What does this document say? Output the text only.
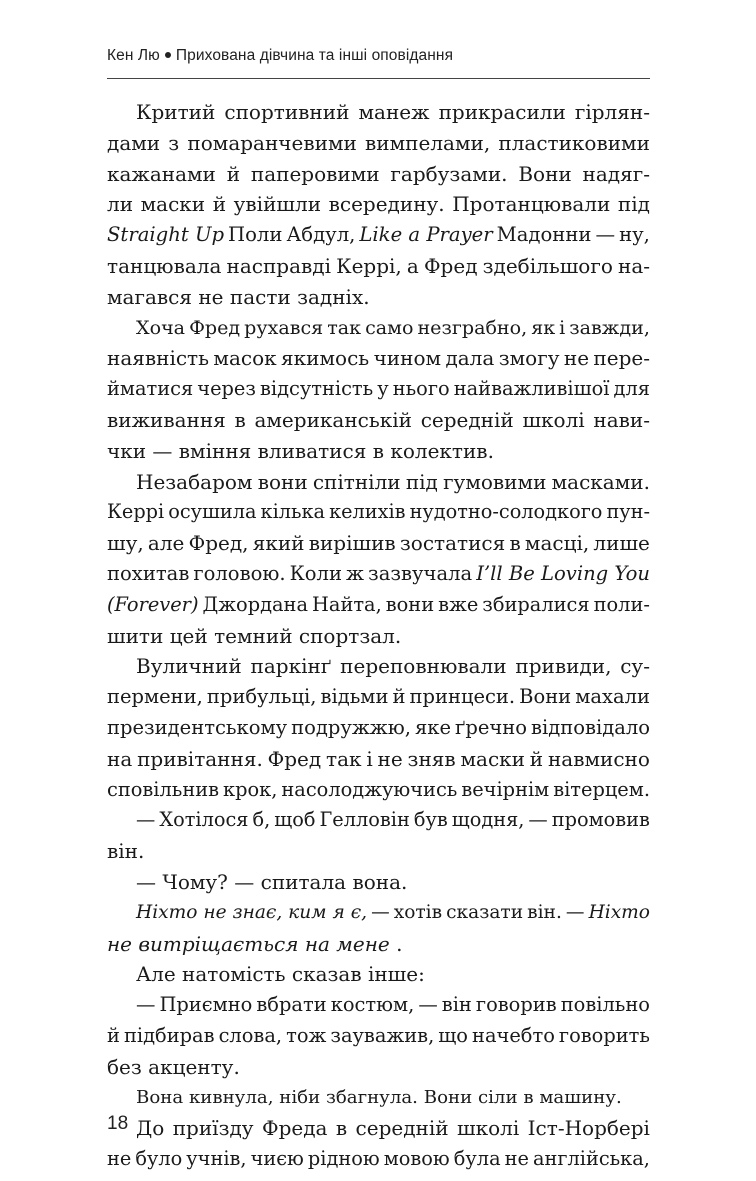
Кен Лю Прихована дівчина та інші оповідання
Критий спортивний манеж прикрасили гірлян-
дами з помаранчевими вимпелами, пластиковими
кажанами й паперовими гарбузами. Вони надяг-
ли маски й увійшли всередину. Протанцювали під
Straight Up Поли Абдул, Like a Prayer Мадонни — ну,
танцювала насправді Керрі, а Фред здебільшого на-
магався не пасти задніх.
Хоча Фред рухався так само незграбно, як і завжди,
наявність масок якимось чином дала змогу не пере-
йматися через відсутність у нього найважливішої для
виживання в американській середній школі нави-
чки — вміння вливатися в колектив.
Незабаром вони спітніли під гумовими масками.
Керрі осушила кілька келихів нудотно-солодкого пун-
шу, але Фред, який вирішив зостатися в масці, лише
похитав головою. Коли ж зазвучала I’ll Be Loving You
(Forever) Джордана Найта, вони вже збиралися поли-
шити цей темний спортзал.
Вуличний паркінґ переповнювали привиди, су-
пермени, прибульці, відьми й принцеси. Вони махали
президентському подружжю, яке ґречно відповідало
на привітання. Фред так і не зняв маски й навмисно
сповільнив крок, насолоджуючись вечірнім вітерцем.
— Хотілося б, щоб Гелловін був щодня, — промовив
він.
— Чому? — спитала вона.
Ніхто не знає, ким я є, — хотів сказати він. — Ніхто
не витріщається на мене .
Але натомість сказав інше:
— Приємно вбрати костюм, — він говорив повільно
й підбирав слова, тож зауважив, що начебто говорить
без акценту.
Вона кивнула, ніби збагнула. Вони сіли в машину.
До приїзду Фреда в середній школі Іст-Норбері
не було учнів, чиєю рідною мовою була не англійська,
18
